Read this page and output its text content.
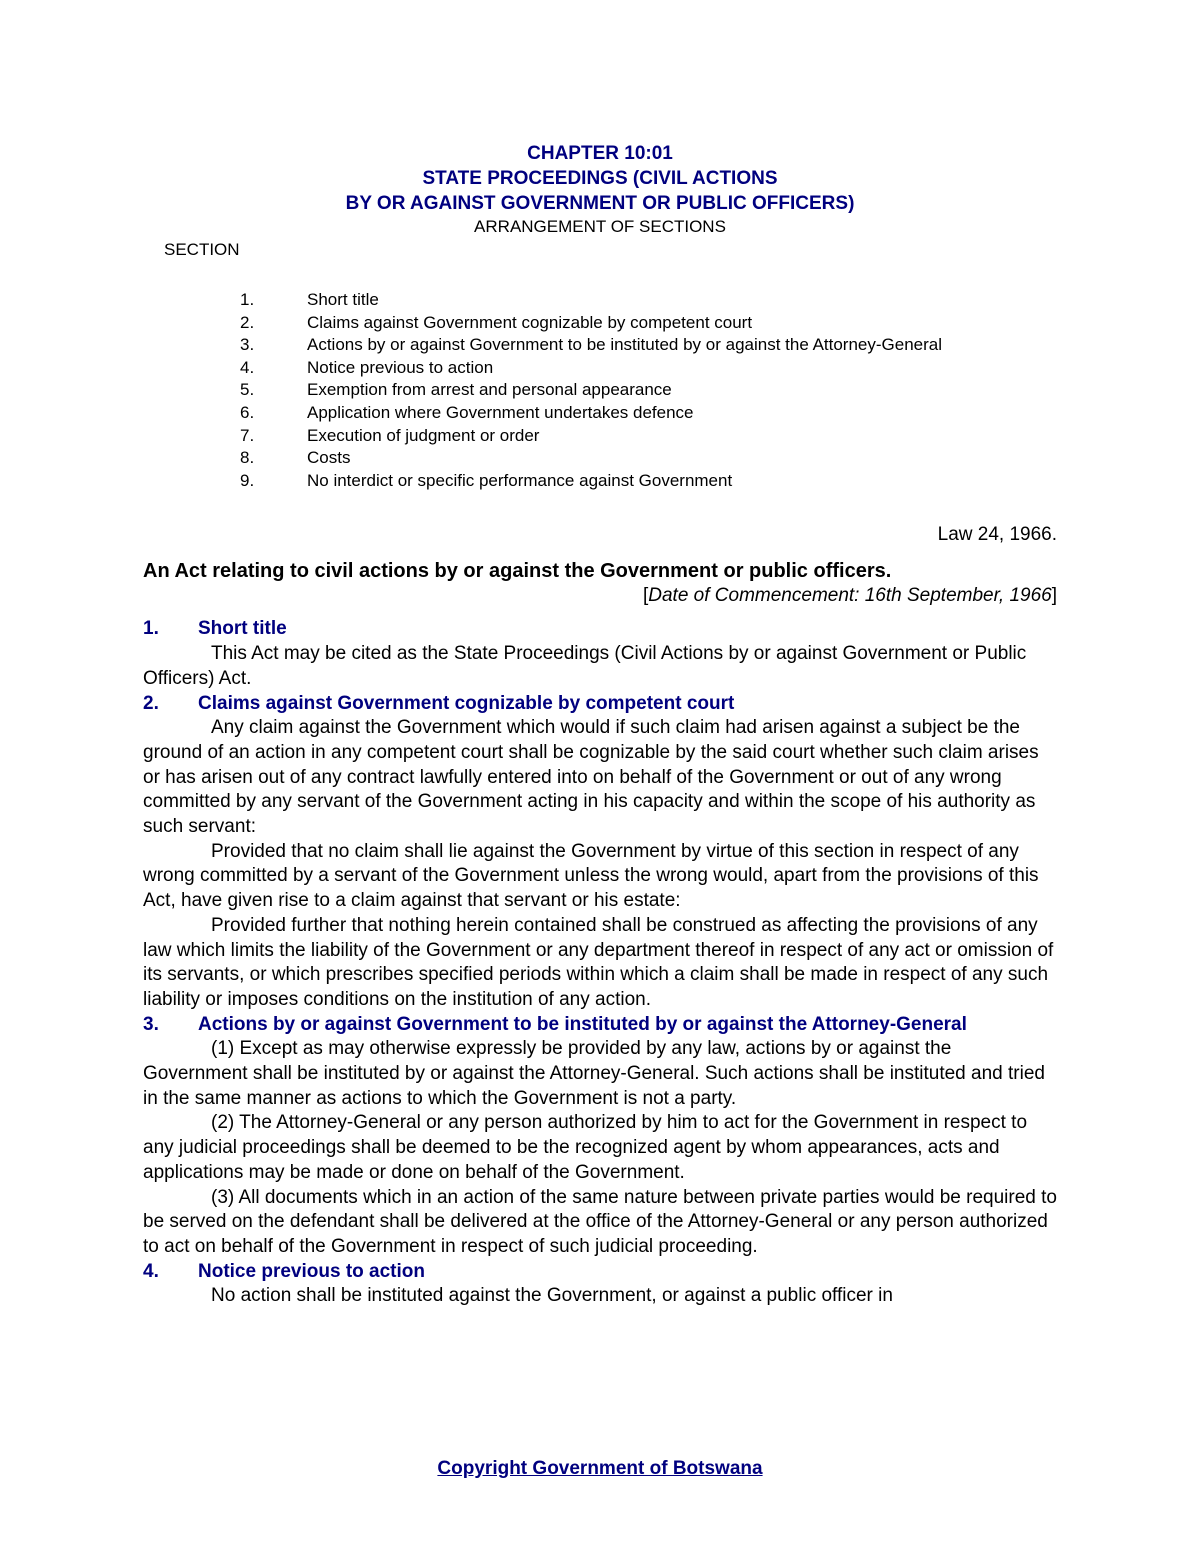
CHAPTER 10:01
STATE PROCEEDINGS (CIVIL ACTIONS
BY OR AGAINST GOVERNMENT OR PUBLIC OFFICERS)
ARRANGEMENT OF SECTIONS
SECTION
1.	Short title
2.	Claims against Government cognizable by competent court
3.	Actions by or against Government to be instituted by or against the Attorney-General
4.	Notice previous to action
5.	Exemption from arrest and personal appearance
6.	Application where Government undertakes defence
7.	Execution of judgment or order
8.	Costs
9.	No interdict or specific performance against Government
Law 24, 1966.
An Act relating to civil actions by or against the Government or public officers.
[Date of Commencement: 16th September, 1966]
1.	Short title

This Act may be cited as the State Proceedings (Civil Actions by or against Government or Public Officers) Act.

2.	Claims against Government cognizable by competent court

Any claim against the Government which would if such claim had arisen against a subject be the ground of an action in any competent court shall be cognizable by the said court whether such claim arises or has arisen out of any contract lawfully entered into on behalf of the Government or out of any wrong committed by any servant of the Government acting in his capacity and within the scope of his authority as such servant:

Provided that no claim shall lie against the Government by virtue of this section in respect of any wrong committed by a servant of the Government unless the wrong would, apart from the provisions of this Act, have given rise to a claim against that servant or his estate:

Provided further that nothing herein contained shall be construed as affecting the provisions of any law which limits the liability of the Government or any department thereof in respect of any act or omission of its servants, or which prescribes specified periods within which a claim shall be made in respect of any such liability or imposes conditions on the institution of any action.

3.	Actions by or against Government to be instituted by or against the Attorney-General

(1) Except as may otherwise expressly be provided by any law, actions by or against the Government shall be instituted by or against the Attorney-General. Such actions shall be instituted and tried in the same manner as actions to which the Government is not a party.

(2) The Attorney-General or any person authorized by him to act for the Government in respect to any judicial proceedings shall be deemed to be the recognized agent by whom appearances, acts and applications may be made or done on behalf of the Government.

(3) All documents which in an action of the same nature between private parties would be required to be served on the defendant shall be delivered at the office of the Attorney-General or any person authorized to act on behalf of the Government in respect of such judicial proceeding.

4.	Notice previous to action

No action shall be instituted against the Government, or against a public officer in

Copyright Government of Botswana
